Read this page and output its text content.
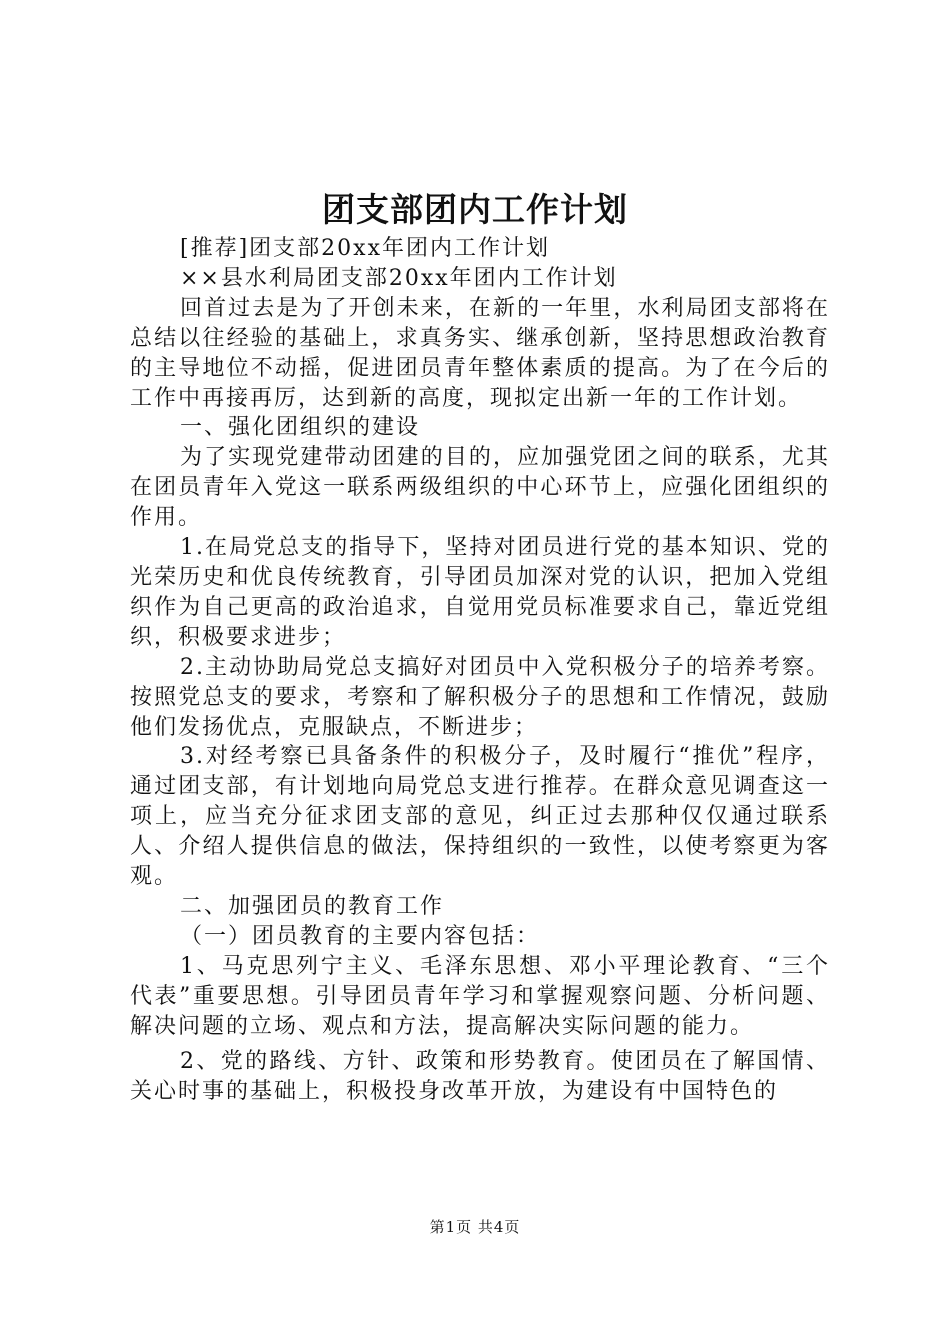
团支部团内工作计划

[推荐]团支部20xx年团内工作计划

××县水利局团支部20xx年团内工作计划

回首过去是为了开创未来，在新的一年里，水利局团支部将在总结以往经验的基础上，求真务实、继承创新，坚持思想政治教育的主导地位不动摇，促进团员青年整体素质的提高。为了在今后的工作中再接再厉，达到新的高度，现拟定出新一年的工作计划。

一、强化团组织的建设

为了实现党建带动团建的目的，应加强党团之间的联系，尤其在团员青年入党这一联系两级组织的中心环节上，应强化团组织的作用。

1.在局党总支的指导下，坚持对团员进行党的基本知识、党的光荣历史和优良传统教育，引导团员加深对党的认识，把加入党组织作为自己更高的政治追求，自觉用党员标准要求自己，靠近党组织，积极要求进步；

2.主动协助局党总支搞好对团员中入党积极分子的培养考察。按照党总支的要求，考察和了解积极分子的思想和工作情况，鼓励他们发扬优点，克服缺点，不断进步；

3.对经考察已具备条件的积极分子，及时履行“推优”程序，通过团支部，有计划地向局党总支进行推荐。在群众意见调查这一项上，应当充分征求团支部的意见，纠正过去那种仅仅通过联系人、介绍人提供信息的做法，保持组织的一致性，以使考察更为客观。

二、加强团员的教育工作

（一）团员教育的主要内容包括：

1、马克思列宁主义、毛泽东思想、邓小平理论教育、“三个代表”重要思想。引导团员青年学习和掌握观察问题、分析问题、解决问题的立场、观点和方法，提高解决实际问题的能力。

2、党的路线、方针、政策和形势教育。使团员在了解国情、关心时事的基础上，积极投身改革开放，为建设有中国特色的

第1页 共4页
